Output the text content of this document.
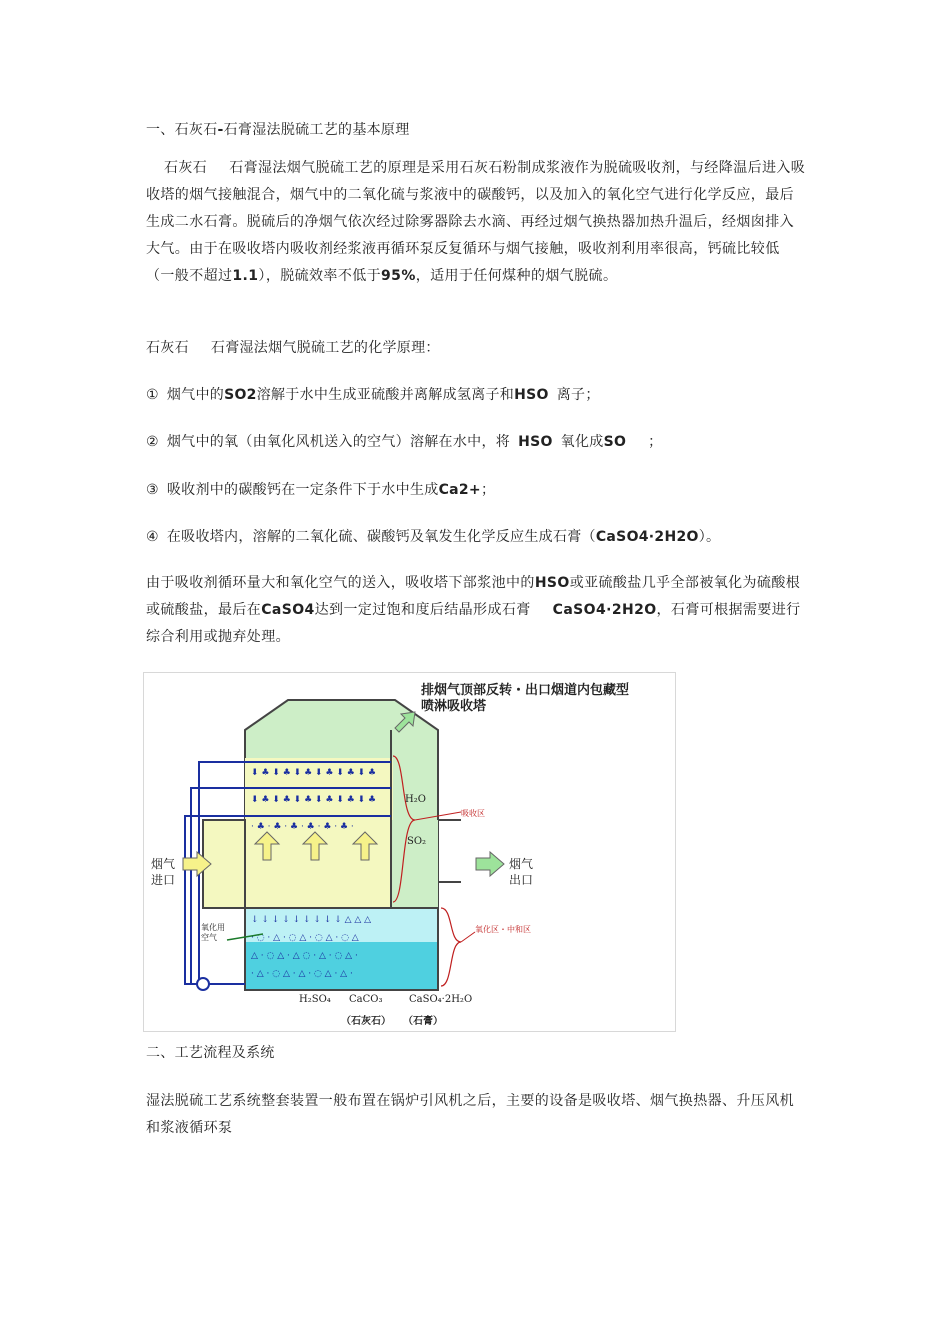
一、石灰石-石膏湿法脱硫工艺的基本原理
石灰石 石膏湿法烟气脱硫工艺的原理是采用石灰石粉制成浆液作为脱硫吸收剂，与经降温后进入吸收塔的烟气接触混合，烟气中的二氧化硫与浆液中的碳酸钙，以及加入的氧化空气进行化学反应，最后生成二水石膏。脱硫后的净烟气依次经过除雾器除去水滴、再经过烟气换热器加热升温后，经烟囱排入大气。由于在吸收塔内吸收剂经浆液再循环泵反复循环与烟气接触，吸收剂利用率很高，钙硫比较低（一般不超过1.1），脱硫效率不低于95%，适用于任何煤种的烟气脱硫。
石灰石 石膏湿法烟气脱硫工艺的化学原理：
① 烟气中的SO2溶解于水中生成亚硫酸并离解成氢离子和HSO 离子；
② 烟气中的氧（由氧化风机送入的空气）溶解在水中，将 HSO 氧化成SO ；
③ 吸收剂中的碳酸钙在一定条件下于水中生成Ca2+；
④ 在吸收塔内，溶解的二氧化硫、碳酸钙及氧发生化学反应生成石膏（CaSO4·2H2O）。
由于吸收剂循环量大和氧化空气的送入，吸收塔下部浆池中的HSO或亚硫酸盐几乎全部被氧化为硫酸根或硫酸盐，最后在CaSO4达到一定过饱和度后结晶形成石膏 CaSO4·2H2O，石膏可根据需要进行综合利用或抛弃处理。
⬇ ♣ ⬇ ♣ ⬇ ♣ ⬇ ♣ ⬇ ♣ ⬇ ♣
⬇ ♣ ⬇ ♣ ⬇ ♣ ⬇ ♣ ⬇ ♣ ⬇ ♣
· ♣ · ♣ · ♣ · ♣ · ♣ · ♣ ·
↓ ↓ ↓ ↓ ↓ ↓ ↓ ↓ ↓ △ △ △
· ◌ · △ · ◌ △ · ◌ △ · ◌ △
△ · ◌ △ · △ ◌ · △ · ◌ △ ·
· △ · ◌ △ · △ · ◌ △ · △ ·
排烟气顶部反转・出口烟道内包藏型
喷淋吸收塔
烟气
进口
烟气
出口
吸收区
氧化区・中和区
氧化用
空气
H₂O
SO₂
H₂SO₄ CaCO₃	CaSO₄·2H₂O
（石灰石） （石膏）
二、工艺流程及系统
湿法脱硫工艺系统整套装置一般布置在锅炉引风机之后，主要的设备是吸收塔、烟气换热器、升压风机和浆液循环泵
